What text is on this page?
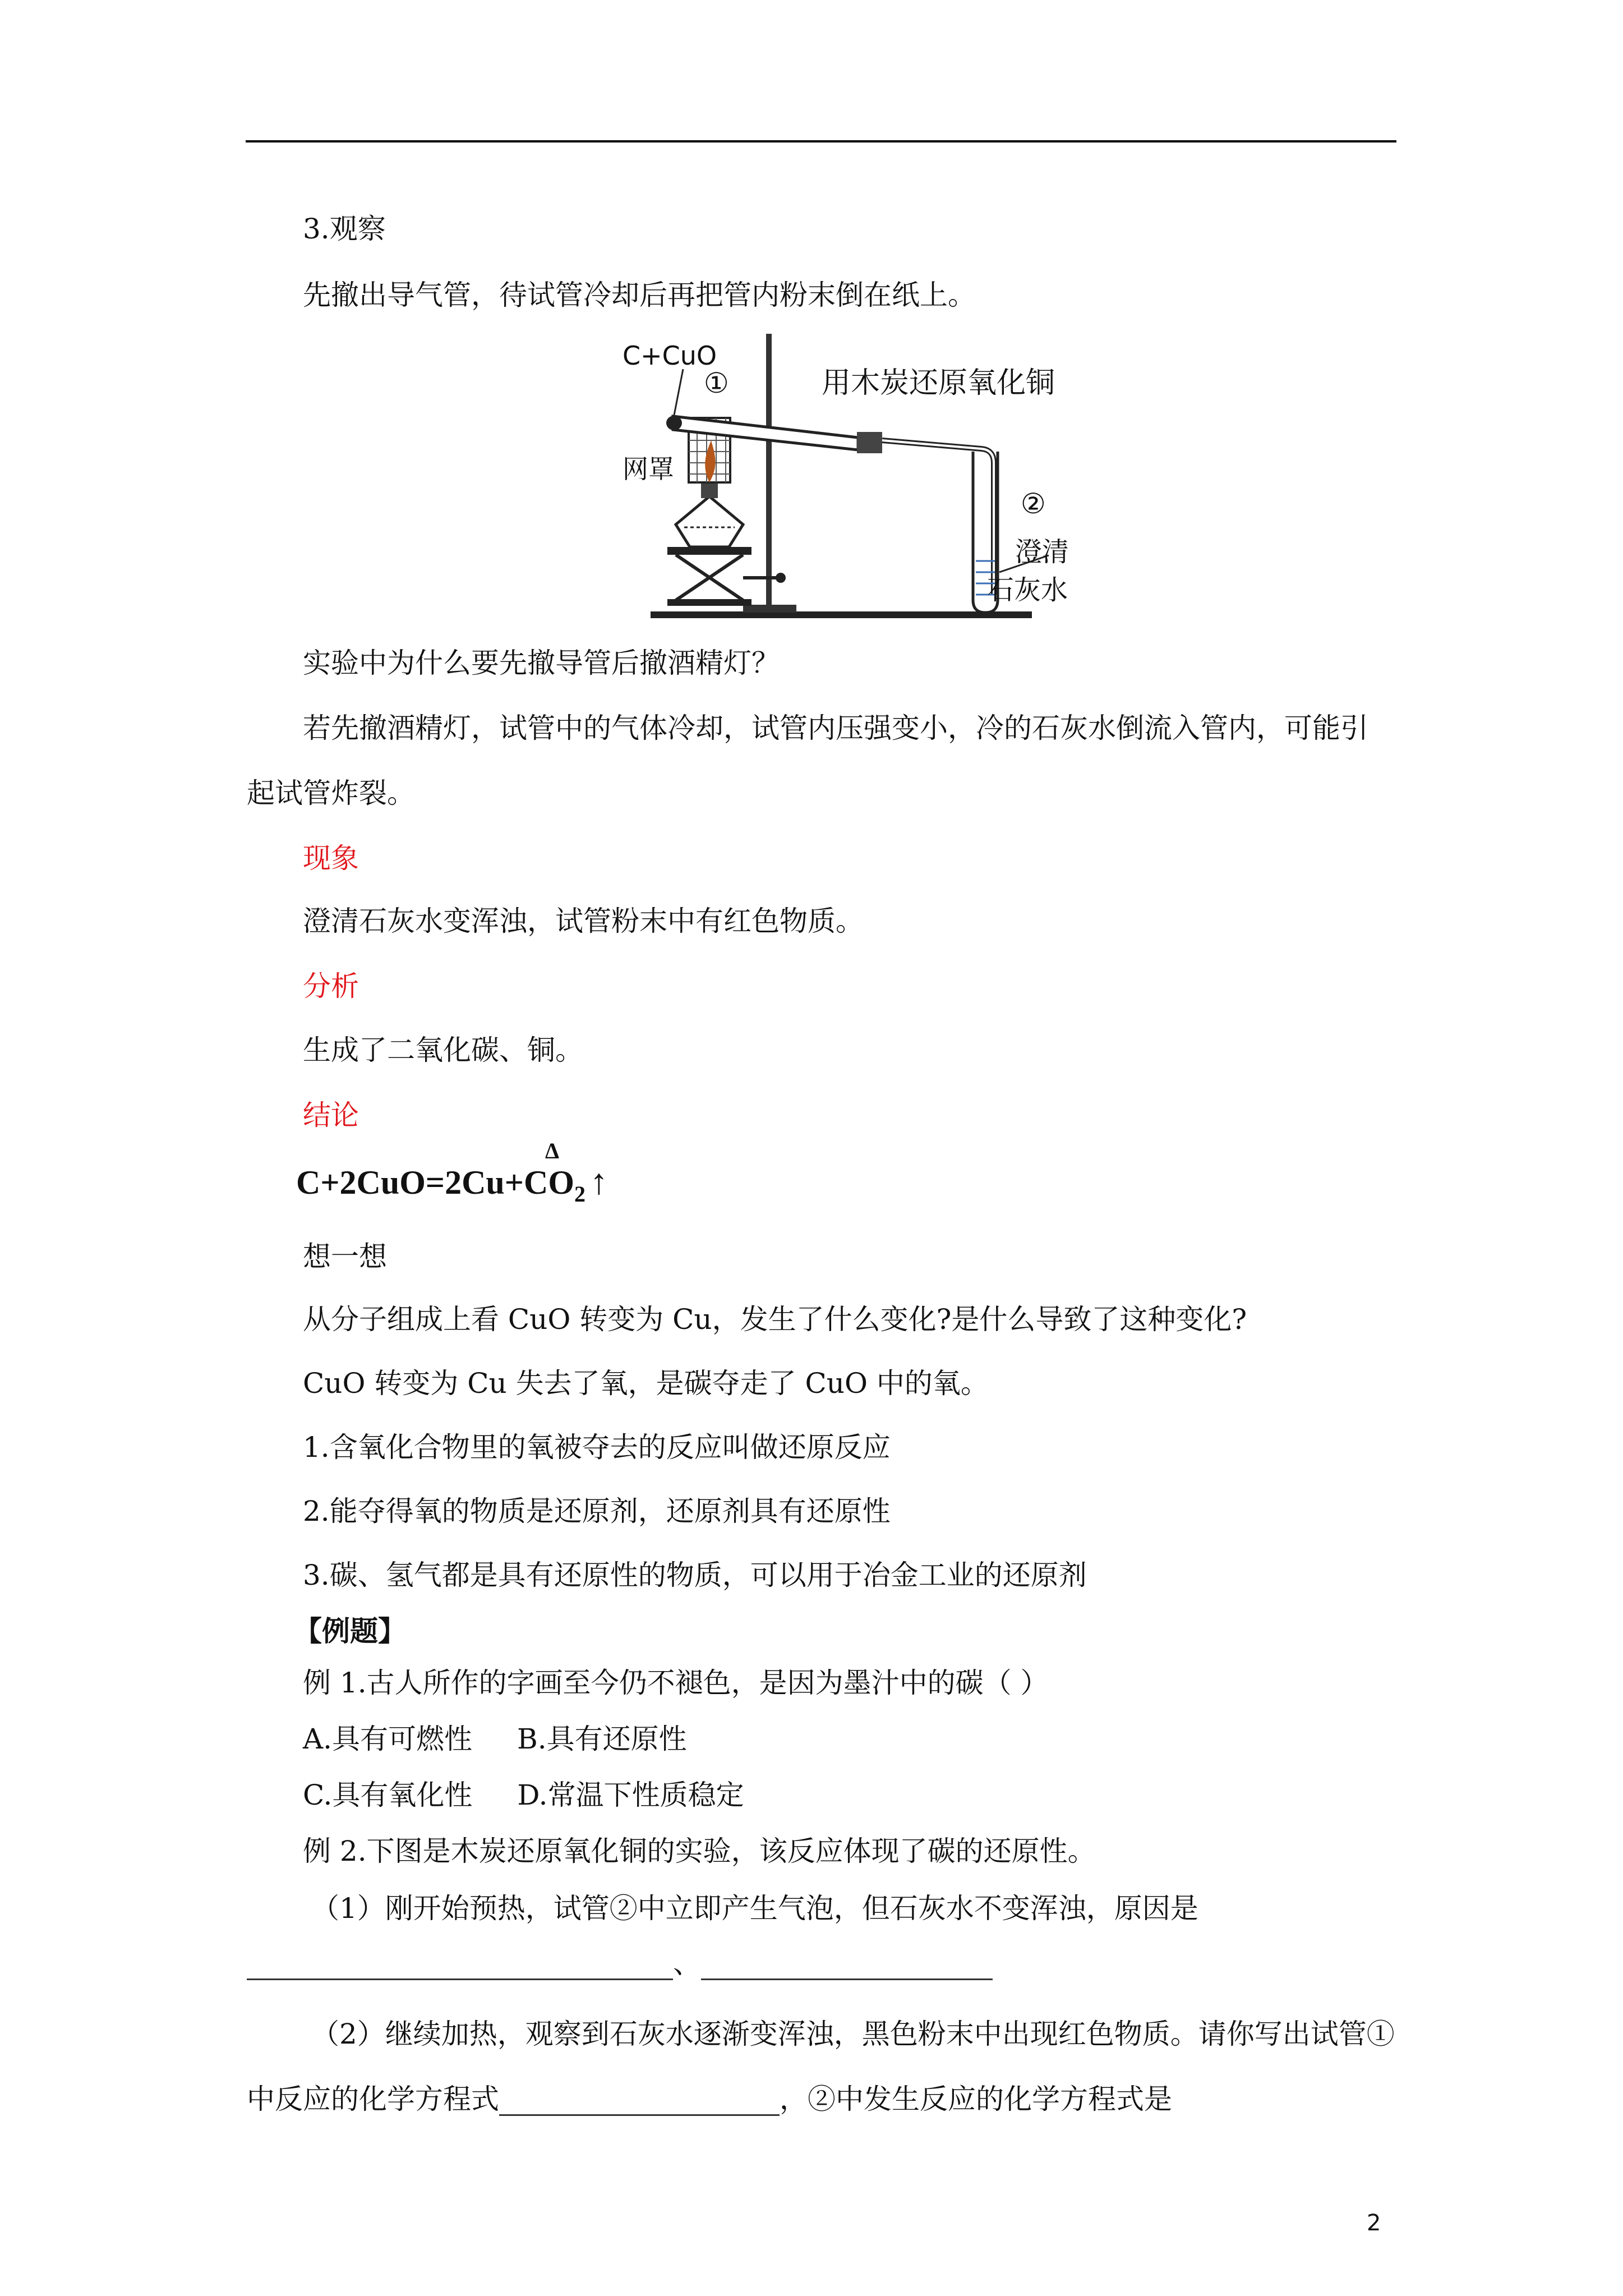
3.观察
先撤出导气管，待试管冷却后再把管内粉末倒在纸上。
C+CuO
①	用木炭还原氧化铜
网罩
②
澄清
石灰水
实验中为什么要先撤导管后撤酒精灯？
若先撤酒精灯，试管中的气体冷却，试管内压强变小，冷的石灰水倒流入管内，可能引
起试管炸裂。
现象
澄清石灰水变浑浊，试管粉末中有红色物质。
分析
生成了二氧化碳、铜。
结论
$C+2CuO=2Cu+CO_2$ ↑
Δ
想一想
从分子组成上看 CuO 转变为 Cu，发生了什么变化?是什么导致了这种变化?
CuO 转变为 Cu 失去了氧，是碳夺走了 CuO 中的氧。
1.含氧化合物里的氧被夺去的反应叫做还原反应
2.能夺得氧的物质是还原剂，还原剂具有还原性
3.碳、氢气都是具有还原性的物质，可以用于冶金工业的还原剂
【例题】
例 1.古人所作的字画至今仍不褪色，是因为墨汁中的碳（ ）
A.具有可燃性 B.具有还原性
C.具有氧化性 D.常温下性质稳定
例 2.下图是木炭还原氧化铜的实验，该反应体现了碳的还原性。
（1）刚开始预热，试管②中立即产生气泡，但石灰水不变浑浊，原因是
、
（2）继续加热，观察到石灰水逐渐变浑浊，黑色粉末中出现红色物质。请你写出试管①
中反应的化学方程式	，②中发生反应的化学方程式是
2
